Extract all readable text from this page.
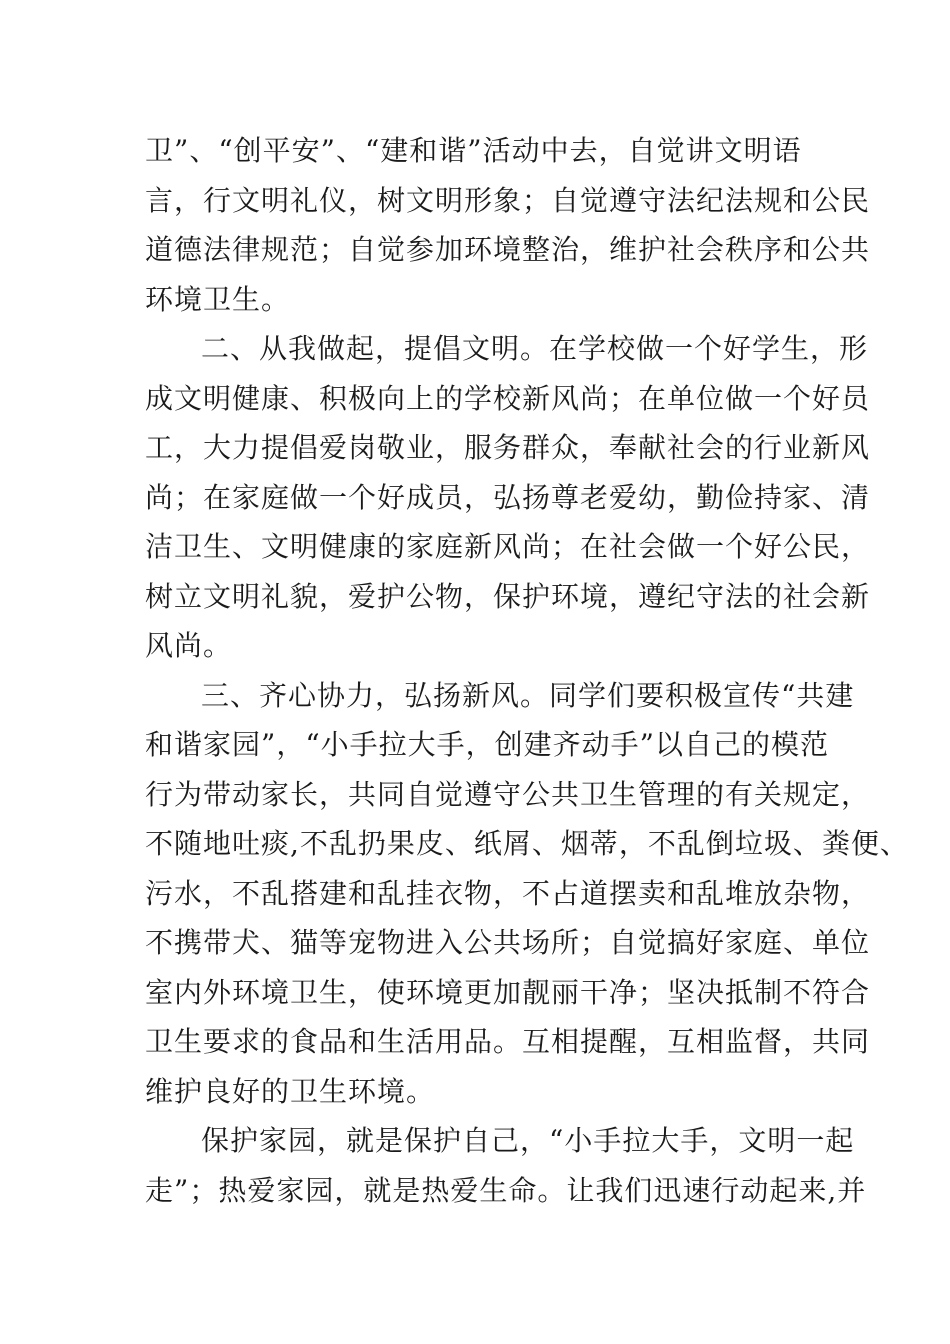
卫”、“创平安”、“建和谐”活动中去，自觉讲文明语
言，行文明礼仪，树文明形象；自觉遵守法纪法规和公民
道德法律规范；自觉参加环境整治，维护社会秩序和公共
环境卫生。
二、从我做起，提倡文明。在学校做一个好学生，形
成文明健康、积极向上的学校新风尚；在单位做一个好员
工，大力提倡爱岗敬业，服务群众，奉献社会的行业新风
尚；在家庭做一个好成员，弘扬尊老爱幼，勤俭持家、清
洁卫生、文明健康的家庭新风尚；在社会做一个好公民，
树立文明礼貌，爱护公物，保护环境，遵纪守法的社会新
风尚。
三、齐心协力，弘扬新风。同学们要积极宣传“共建
和谐家园”，“小手拉大手，创建齐动手”以自己的模范
行为带动家长，共同自觉遵守公共卫生管理的有关规定，
不随地吐痰,不乱扔果皮、纸屑、烟蒂，不乱倒垃圾、粪便、
污水，不乱搭建和乱挂衣物，不占道摆卖和乱堆放杂物，
不携带犬、猫等宠物进入公共场所；自觉搞好家庭、单位
室内外环境卫生，使环境更加靓丽干净；坚决抵制不符合
卫生要求的食品和生活用品。互相提醒，互相监督，共同
维护良好的卫生环境。
保护家园，就是保护自己，“小手拉大手，文明一起
走”；热爱家园，就是热爱生命。让我们迅速行动起来,并
